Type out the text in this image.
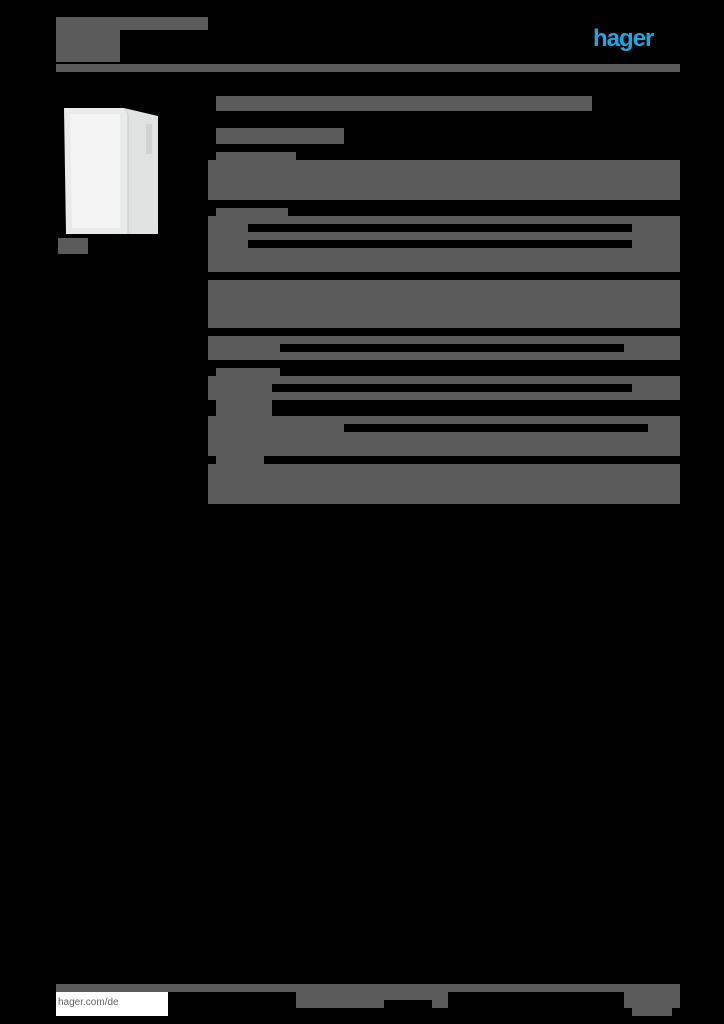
hager
hager.com/de
